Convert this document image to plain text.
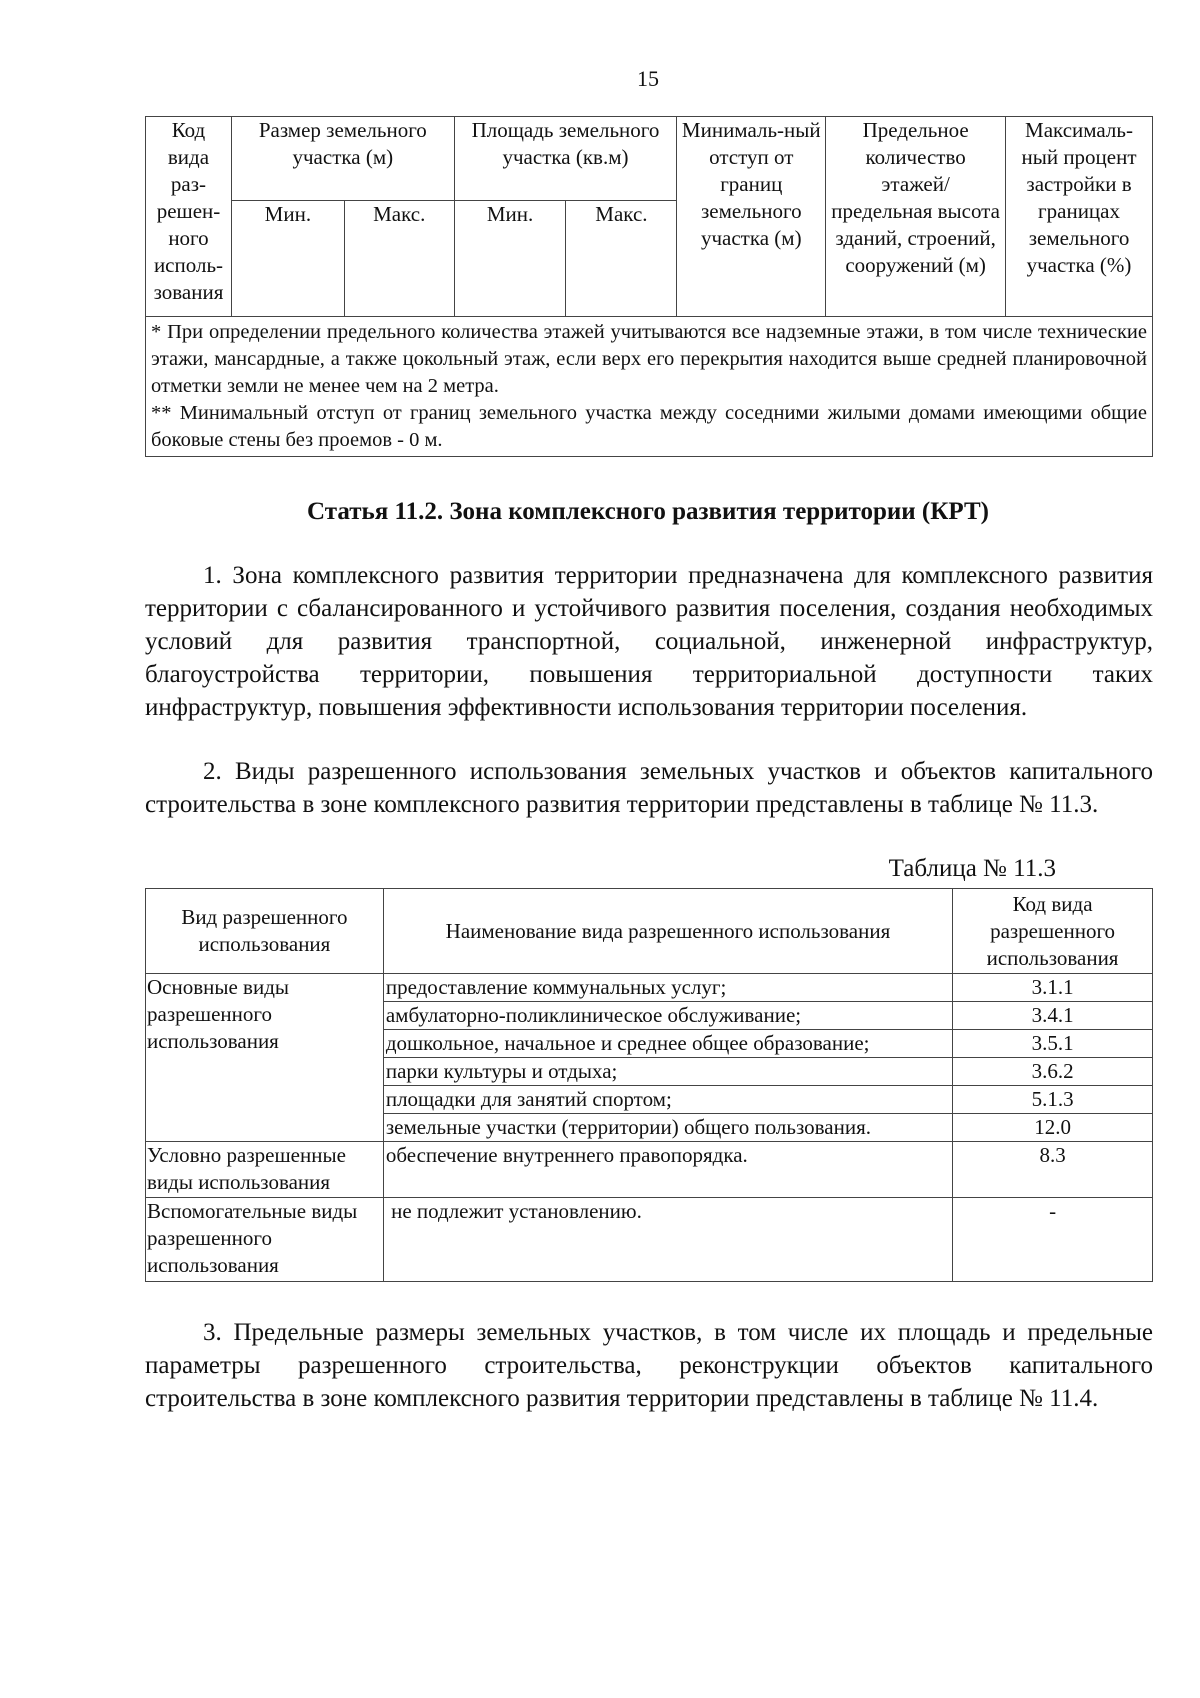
15
Код вида раз-решен-ного исполь-зования	Размер земельного участка (м)		Площадь земельного участка (кв.м)		Минималь-ный отступ от границ земельного участка (м)	Предельное количество этажей/ предельная высота зданий, строений, сооружений (м)	Максималь-ный процент застройки в границах земельного участка (%)
	Мин.	Макс.	Мин.	Макс.			

* При определении предельного количества этажей учитываются все надземные этажи, в том числе технические этажи, мансардные, а также цокольный этаж, если верх его перекрытия находится выше средней планировочной отметки земли не менее чем на 2 метра.
** Минимальный отступ от границ земельного участка между соседними жилыми домами имеющими общие боковые стены без проемов - 0 м.							
Статья 11.2. Зона комплексного развития территории (КРТ)

1. Зона комплексного развития территории предназначена для комплексного развития территории с сбалансированного и устойчивого развития поселения, создания необходимых условий для развития транспортной, социальной, инженерной инфраструктур, благоустройства территории, повышения территориальной доступности таких инфраструктур, повышения эффективности использования территории поселения.

2. Виды разрешенного использования земельных участков и объектов капитального строительства в зоне комплексного развития территории представлены в таблице № 11.3.

Таблица № 11.3
Вид разрешенного использования	Наименование вида разрешенного использования	Код вида разрешенного использования
Основные виды разрешенного использования	предоставление коммунальных услуг;	3.1.1
	амбулаторно-поликлиническое обслуживание;	3.4.1
	дошкольное, начальное и среднее общее образование;	3.5.1
	парки культуры и отдыха;	3.6.2
	площадки для занятий спортом;	5.1.3
	земельные участки (территории) общего пользования.	12.0
Условно разрешенные виды использования	обеспечение внутреннего правопорядка.	8.3
Вспомогательные виды разрешенного использования	не подлежит установлению.	-

3. Предельные размеры земельных участков, в том числе их площадь и предельные параметры разрешенного строительства, реконструкции объектов капитального строительства в зоне комплексного развития территории представлены в таблице № 11.4.
